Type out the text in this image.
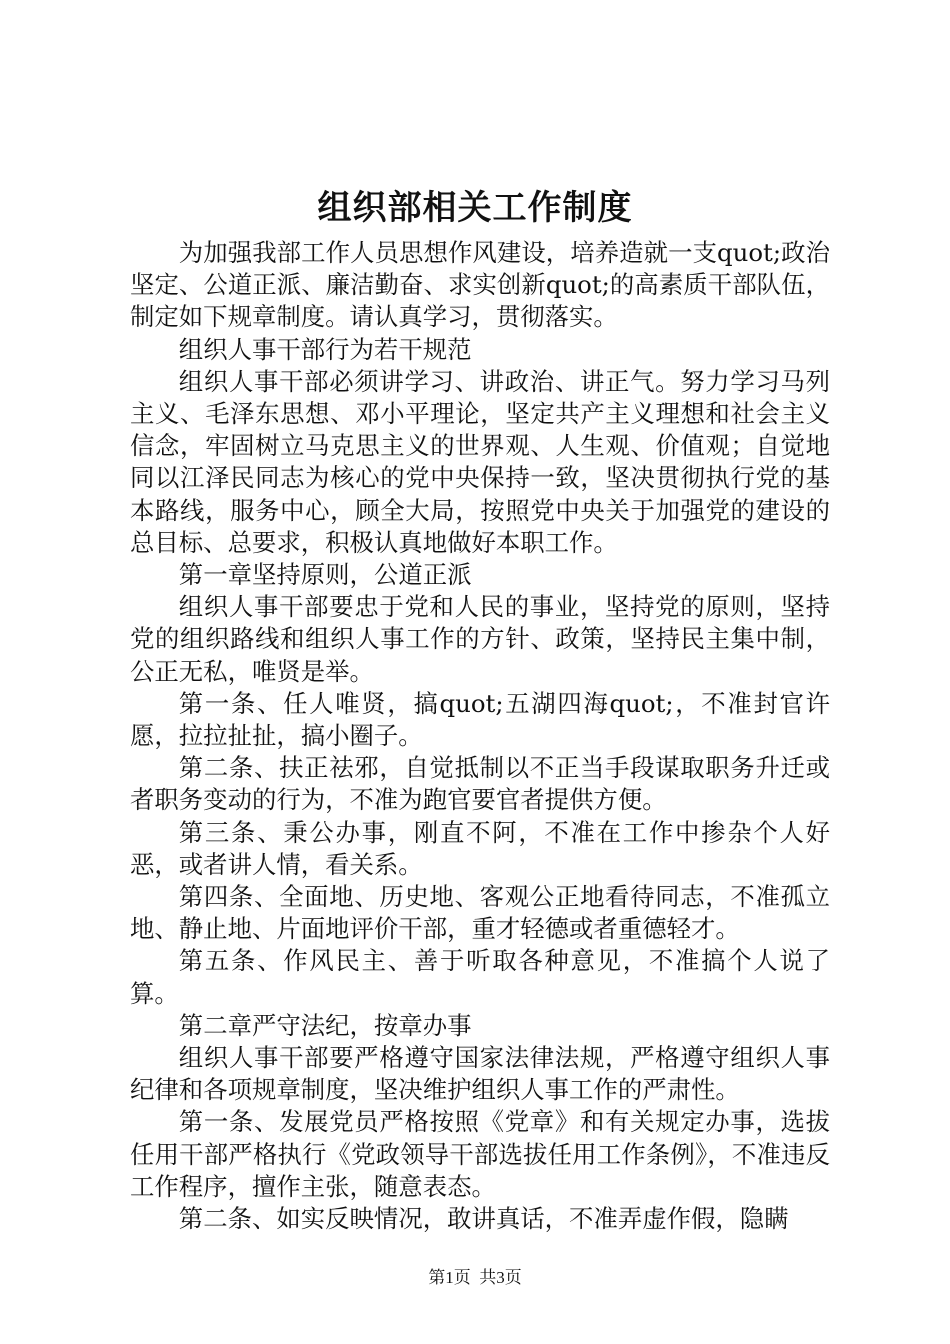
组织部相关工作制度

为加强我部工作人员思想作风建设，培养造就一支quot;政治坚定、公道正派、廉洁勤奋、求实创新quot;的高素质干部队伍，制定如下规章制度。请认真学习，贯彻落实。

组织人事干部行为若干规范

组织人事干部必须讲学习、讲政治、讲正气。努力学习马列主义、毛泽东思想、邓小平理论，坚定共产主义理想和社会主义信念，牢固树立马克思主义的世界观、人生观、价值观；自觉地同以江泽民同志为核心的党中央保持一致，坚决贯彻执行党的基本路线，服务中心，顾全大局，按照党中央关于加强党的建设的总目标、总要求，积极认真地做好本职工作。

第一章坚持原则，公道正派

组织人事干部要忠于党和人民的事业，坚持党的原则，坚持党的组织路线和组织人事工作的方针、政策，坚持民主集中制，公正无私，唯贤是举。

第一条、任人唯贤，搞quot;五湖四海quot;，不准封官许愿，拉拉扯扯，搞小圈子。

第二条、扶正祛邪，自觉抵制以不正当手段谋取职务升迁或者职务变动的行为，不准为跑官要官者提供方便。

第三条、秉公办事，刚直不阿，不准在工作中掺杂个人好恶，或者讲人情，看关系。

第四条、全面地、历史地、客观公正地看待同志，不准孤立地、静止地、片面地评价干部，重才轻德或者重德轻才。

第五条、作风民主、善于听取各种意见，不准搞个人说了算。

第二章严守法纪，按章办事

组织人事干部要严格遵守国家法律法规，严格遵守组织人事纪律和各项规章制度，坚决维护组织人事工作的严肃性。

第一条、发展党员严格按照《党章》和有关规定办事，选拔任用干部严格执行《党政领导干部选拔任用工作条例》，不准违反工作程序，擅作主张，随意表态。

第二条、如实反映情况，敢讲真话，不准弄虚作假，隐瞒

第1页  共3页
